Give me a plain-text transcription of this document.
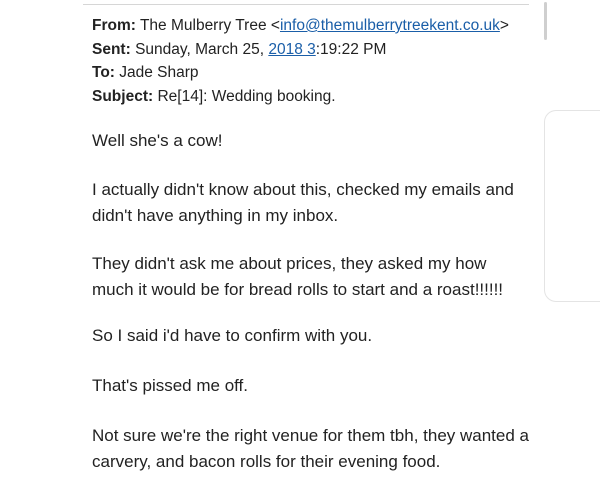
From: The Mulberry Tree <info@themulberrytreekent.co.uk>
Sent: Sunday, March 25, 2018 3:19:22 PM
To: Jade Sharp
Subject: Re[14]: Wedding booking.
Well she's a cow!
I actually didn't know about this, checked my emails and
didn't have anything in my inbox.
They didn't ask me about prices, they asked my how
much it would be for bread rolls to start and a roast!!!!!!
So I said i'd have to confirm with you.
That's pissed me off.
Not sure we're the right venue for them tbh, they wanted a
carvery, and bacon rolls for their evening food.
